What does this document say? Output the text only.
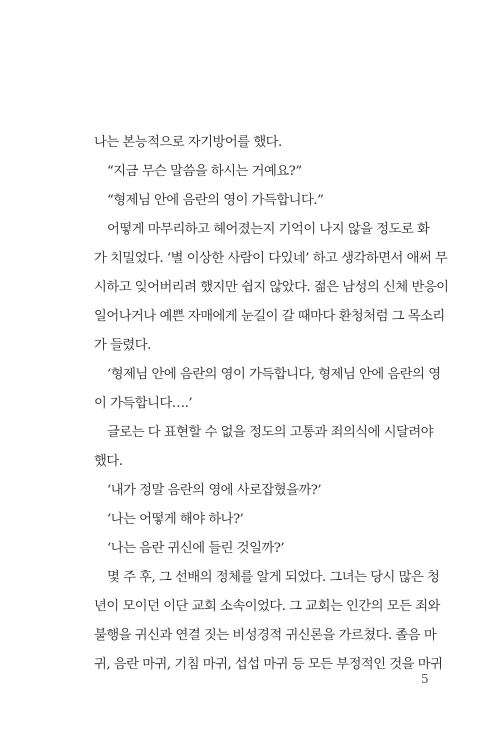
나는 본능적으로 자기방어를 했다.
“지금 무슨 말씀을 하시는 거예요?”
“형제님 안에 음란의 영이 가득합니다.”
어떻게 마무리하고 헤어졌는지 기억이 나지 않을 정도로 화
가 치밀었다. ‘별 이상한 사람이 다있네’ 하고 생각하면서 애써 무
시하고 잊어버리려 했지만 쉽지 않았다. 젊은 남성의 신체 반응이
일어나거나 예쁜 자매에게 눈길이 갈 때마다 환청처럼 그 목소리
가 들렸다.
‘형제님 안에 음란의 영이 가득합니다, 형제님 안에 음란의 영
이 가득합니다….’
글로는 다 표현할 수 없을 정도의 고통과 죄의식에 시달려야
했다.
‘내가 정말 음란의 영에 사로잡혔을까?’
‘나는 어떻게 해야 하나?’
‘나는 음란 귀신에 들린 것일까?’
몇 주 후, 그 선배의 정체를 알게 되었다. 그녀는 당시 많은 청
년이 모이던 이단 교회 소속이었다. 그 교회는 인간의 모든 죄와
불행을 귀신과 연결 짓는 비성경적 귀신론을 가르쳤다. 졸음 마
귀, 음란 마귀, 기침 마귀, 섭섭 마귀 등 모든 부정적인 것을 마귀
5
